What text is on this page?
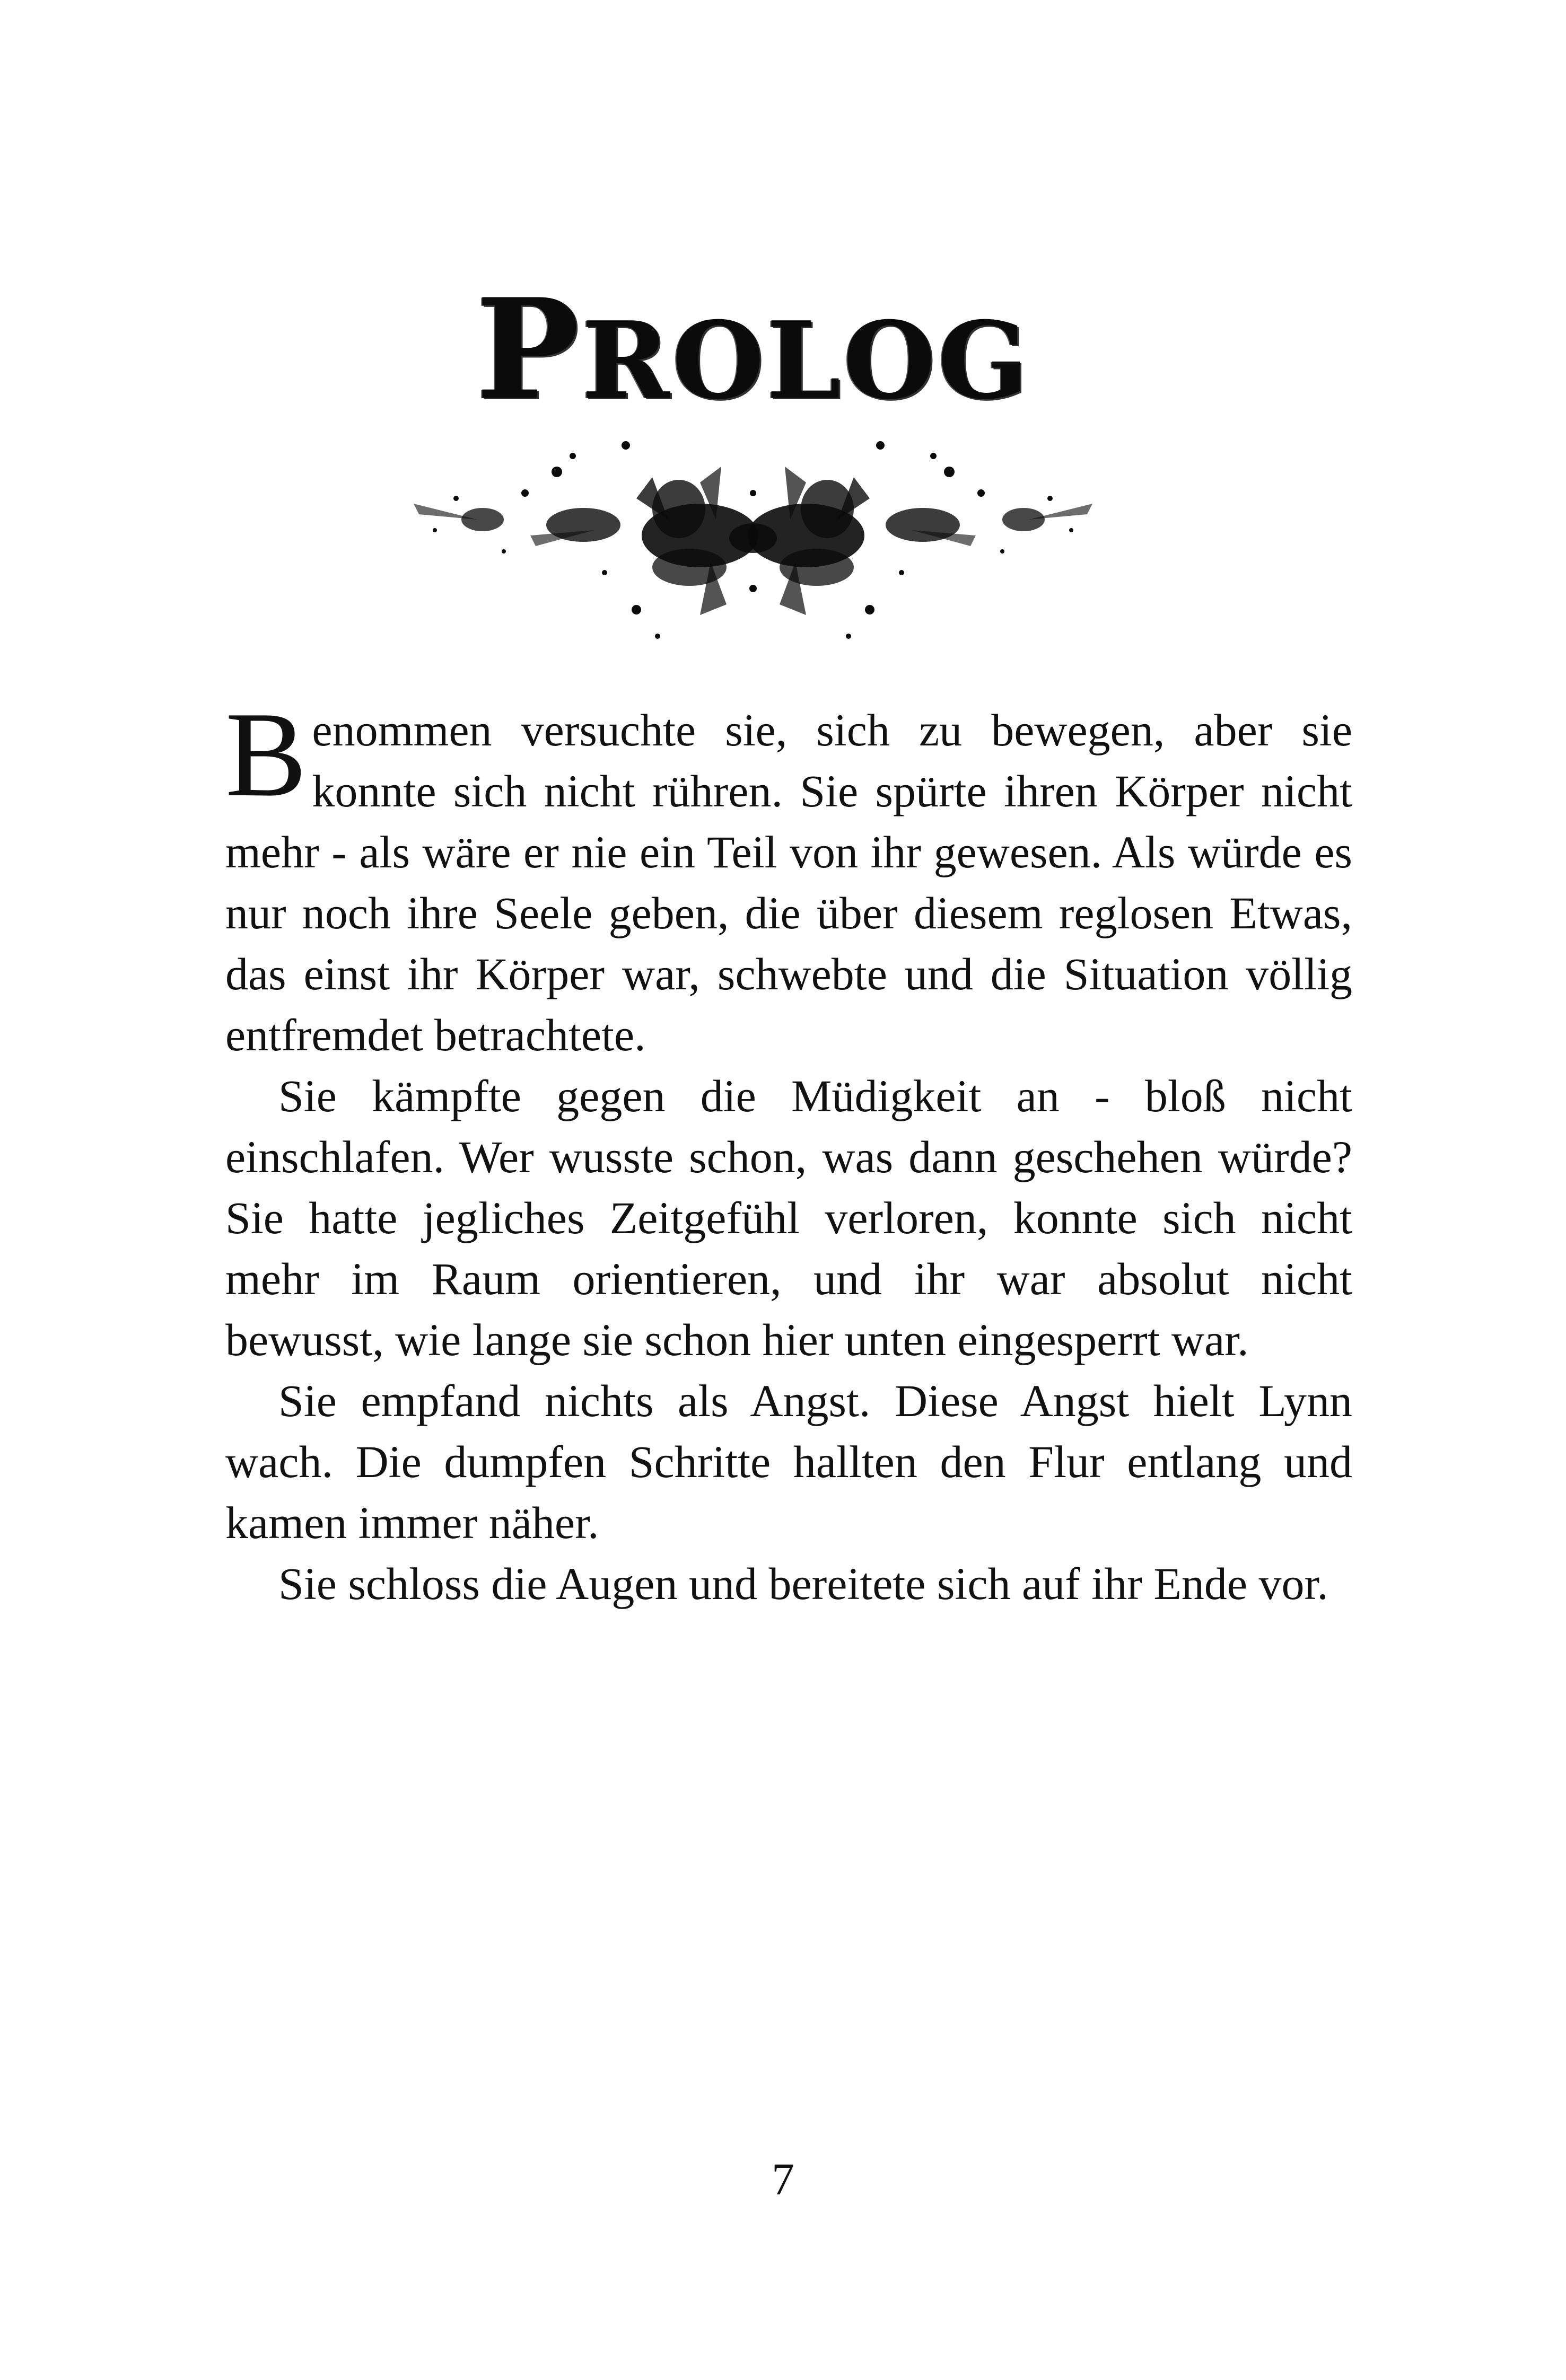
PROLOG

Benommen versuchte sie, sich zu bewegen, aber sie konnte sich nicht rühren. Sie spürte ihren Körper nicht mehr - als wäre er nie ein Teil von ihr gewesen. Als würde es nur noch ihre Seele geben, die über diesem reglosen Etwas, das einst ihr Körper war, schwebte und die Situation völlig entfremdet betrachtete.

Sie kämpfte gegen die Müdigkeit an - bloß nicht einschlafen. Wer wusste schon, was dann geschehen würde? Sie hatte jegliches Zeitgefühl verloren, konnte sich nicht mehr im Raum orientieren, und ihr war absolut nicht bewusst, wie lange sie schon hier unten eingesperrt war.

Sie empfand nichts als Angst. Diese Angst hielt Lynn wach. Die dumpfen Schritte hallten den Flur entlang und kamen immer näher.

Sie schloss die Augen und bereitete sich auf ihr Ende vor.

7
